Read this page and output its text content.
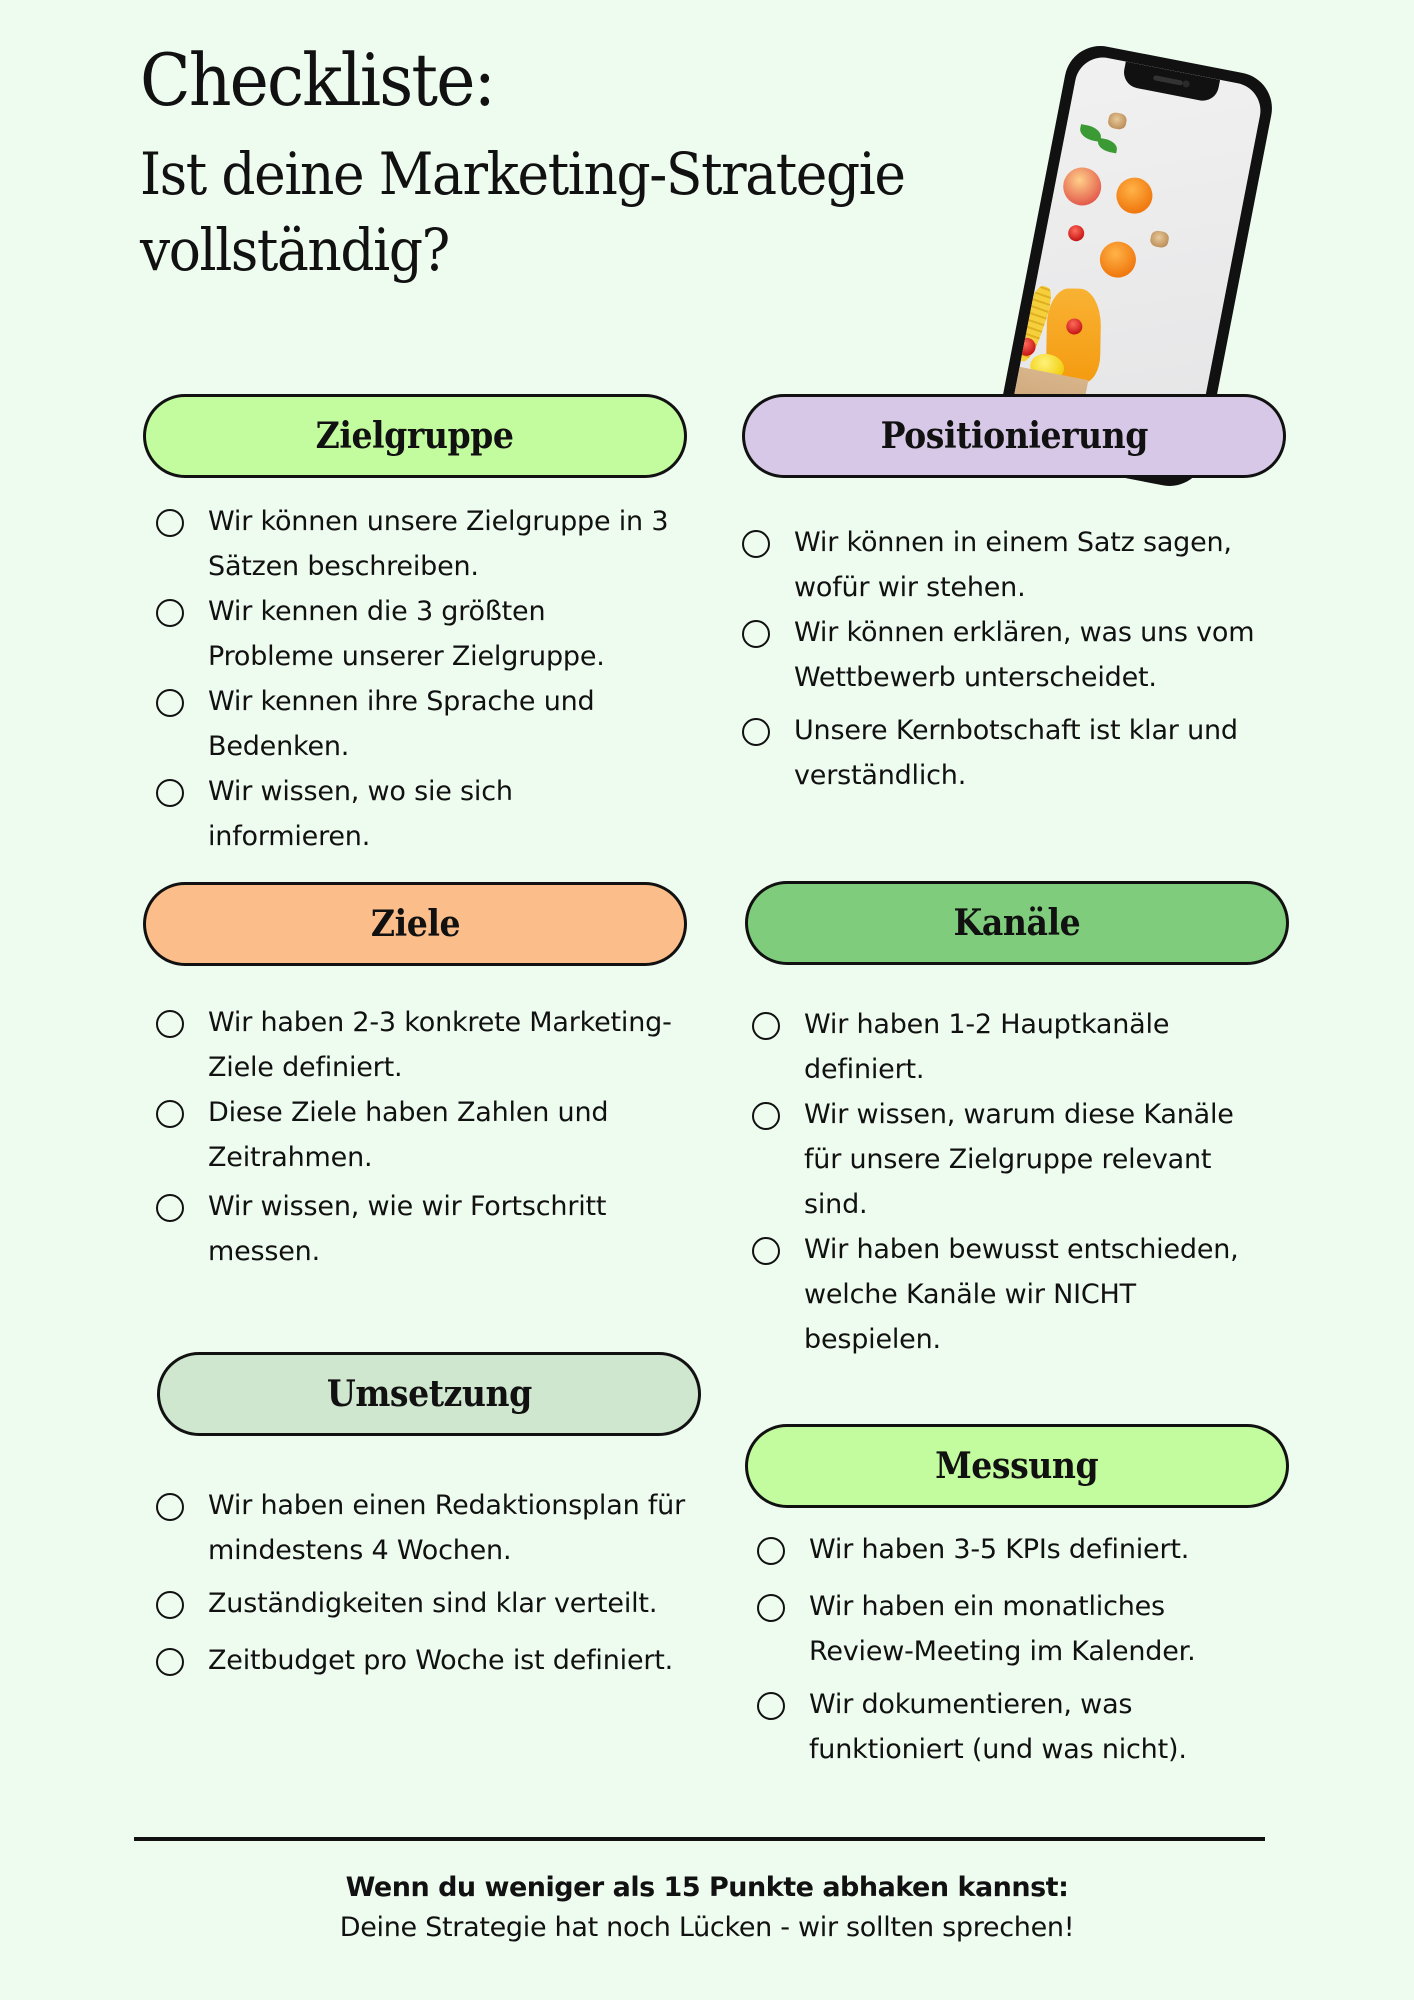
Checkliste:
Ist deine Marketing-Strategie
vollständig?
Zielgruppe
Wir können unsere Zielgruppe in 3 Sätzen beschreiben.
Wir kennen die 3 größten Probleme unserer Zielgruppe.
Wir kennen ihre Sprache und Bedenken.
Wir wissen, wo sie sich informieren.
Positionierung
Wir können in einem Satz sagen, wofür wir stehen.
Wir können erklären, was uns vom Wettbewerb unterscheidet.
Unsere Kernbotschaft ist klar und verständlich.
Ziele
Wir haben 2-3 konkrete Marketing-Ziele definiert.
Diese Ziele haben Zahlen und Zeitrahmen.
Wir wissen, wie wir Fortschritt messen.
Kanäle
Wir haben 1-2 Hauptkanäle definiert.
Wir wissen, warum diese Kanäle für unsere Zielgruppe relevant sind.
Wir haben bewusst entschieden, welche Kanäle wir NICHT bespielen.
Umsetzung
Wir haben einen Redaktionsplan für mindestens 4 Wochen.
Zuständigkeiten sind klar verteilt.
Zeitbudget pro Woche ist definiert.
Messung
Wir haben 3-5 KPIs definiert.
Wir haben ein monatliches Review-Meeting im Kalender.
Wir dokumentieren, was funktioniert (und was nicht).
Wenn du weniger als 15 Punkte abhaken kannst:
Deine Strategie hat noch Lücken - wir sollten sprechen!
